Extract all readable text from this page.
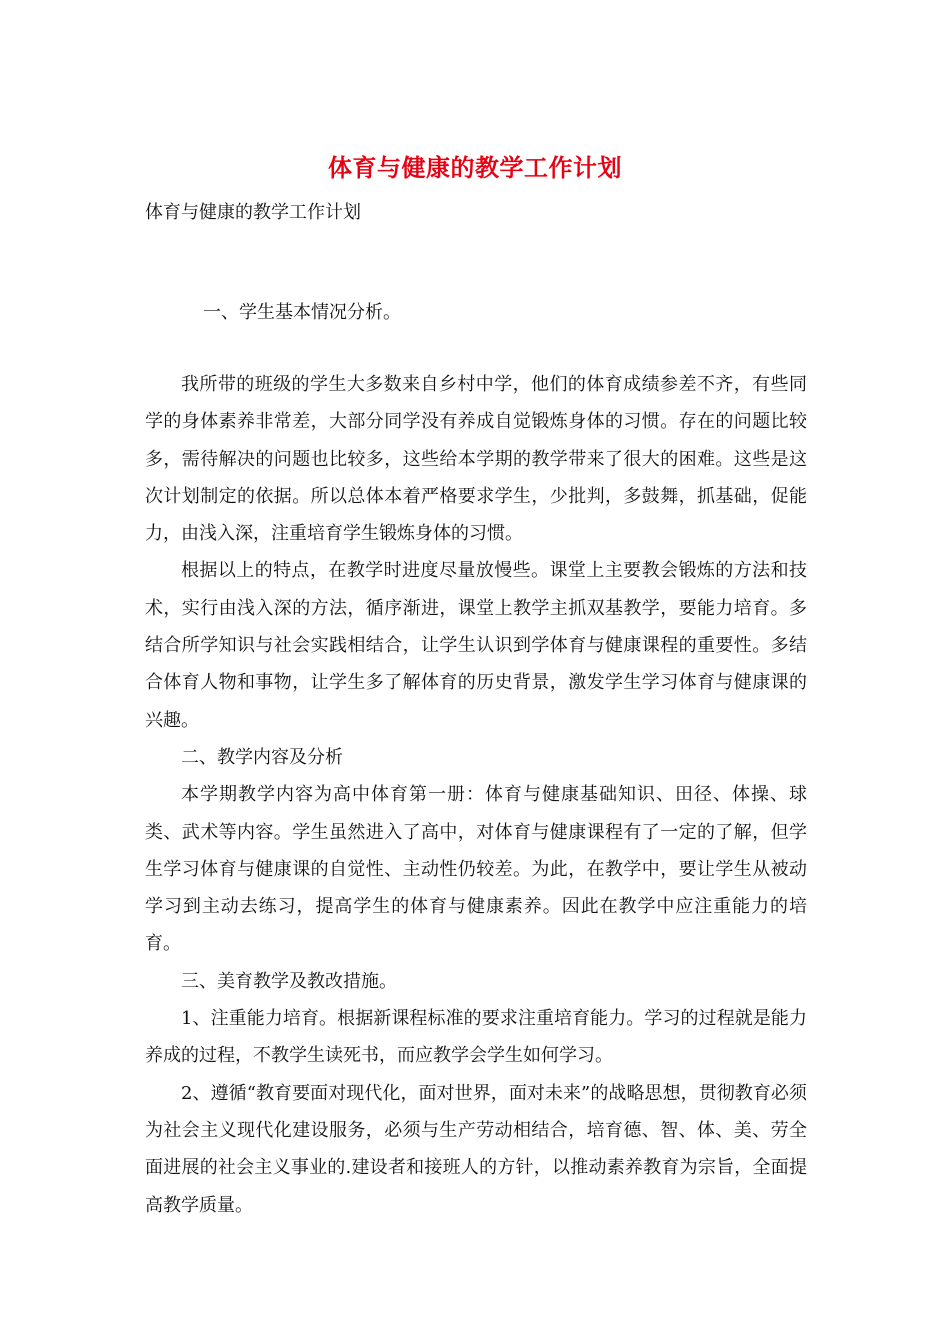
体育与健康的教学工作计划
体育与健康的教学工作计划
一、学生基本情况分析。

我所带的班级的学生大多数来自乡村中学，他们的体育成绩参差不齐，有些同学的身体素养非常差，大部分同学没有养成自觉锻炼身体的习惯。存在的问题比较多，需待解决的问题也比较多，这些给本学期的教学带来了很大的困难。这些是这次计划制定的依据。所以总体本着严格要求学生，少批判，多鼓舞，抓基础，促能力，由浅入深，注重培育学生锻炼身体的习惯。

根据以上的特点，在教学时进度尽量放慢些。课堂上主要教会锻炼的方法和技术，实行由浅入深的方法，循序渐进，课堂上教学主抓双基教学，要能力培育。多结合所学知识与社会实践相结合，让学生认识到学体育与健康课程的重要性。多结合体育人物和事物，让学生多了解体育的历史背景，激发学生学习体育与健康课的兴趣。

二、教学内容及分析

本学期教学内容为高中体育第一册：体育与健康基础知识、田径、体操、球类、武术等内容。学生虽然进入了高中，对体育与健康课程有了一定的了解，但学生学习体育与健康课的自觉性、主动性仍较差。为此，在教学中，要让学生从被动学习到主动去练习，提高学生的体育与健康素养。因此在教学中应注重能力的培育。

三、美育教学及教改措施。

1、注重能力培育。根据新课程标准的要求注重培育能力。学习的过程就是能力养成的过程，不教学生读死书，而应教学会学生如何学习。

2、遵循“教育要面对现代化，面对世界，面对未来”的战略思想，贯彻教育必须为社会主义现代化建设服务，必须与生产劳动相结合，培育德、智、体、美、劳全面进展的社会主义事业的.建设者和接班人的方针，以推动素养教育为宗旨，全面提高教学质量。
